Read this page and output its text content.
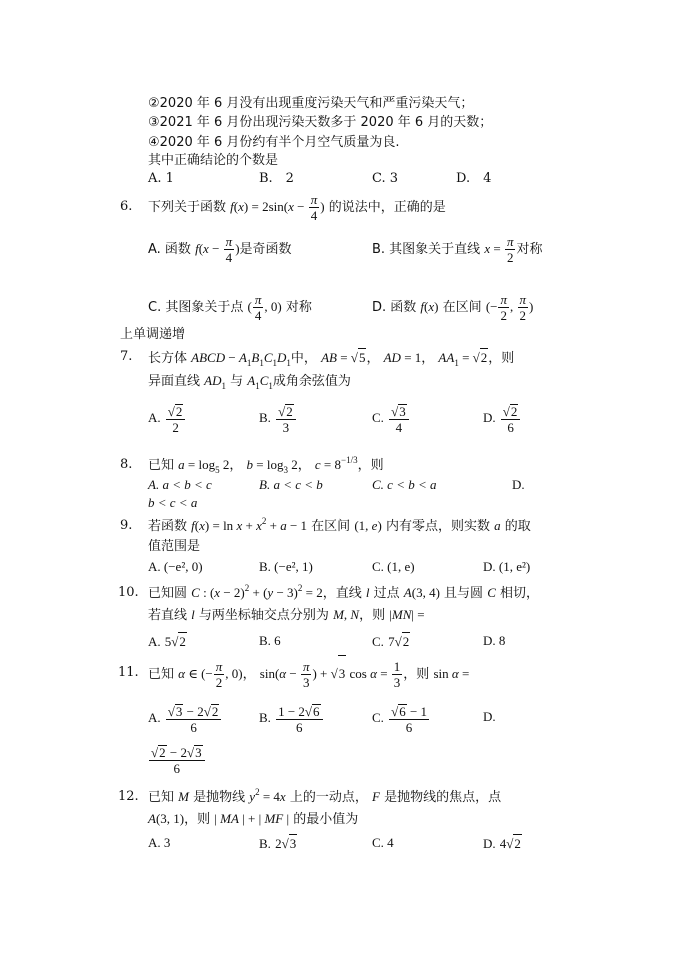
②2020 年 6 月没有出现重度污染天气和严重污染天气；
③2021 年 6 月份出现污染天数多于 2020 年 6 月的天数；
④2020 年 6 月份约有半个月空气质量为良.
其中正确结论的个数是
A. 1	B.　2	C. 3	D.　4
6. 下列关于函数 $f(x) = 2\sin(x - \frac{\pi}{4}$ ) 的说法中，正确的是
A. 函数 $f(x - \frac{\pi}{4}$ )是奇函数	B. 其图象关于直线 $x = \frac{\pi}{2}$ 对称
C. 其图象关于点 ( $\frac{\pi}{4}$ , 0) 对称	D. 函数 f(x) 在区间 (− $\frac{\pi}{2}$ , $\frac{\pi}{2}$ )
上单调递增
7. 长方体 ABCD − $A_1B_1C_1D_1$中， AB = √5， AD = 1， $AA_1 = √2$，则
异面直线 $AD_1$ 与 $A_1C_1$成角余弦值为
A. $\frac{√2}{2}$	B. $\frac{√2}{3}$	C. $\frac{√3}{4}$	D. $\frac{√2}{6}$
8. 已知 $a = \log_5 2$， $b = \log_3 2$， $c = 8^{-1/3}$，则
A. a < b < c	B. a < c < b	C. c < b < a	D.
b < c < a
9. 若函数 $f(x) = \ln x + x^2 + a - 1$ 在区间 (1, e) 内有零点，则实数 a 的取
值范围是
A. (−e², 0)	B. (−e², 1)	C. (1, e)	D. (1, e²)
10. 已知圆 C : $(x - 2)^2 + (y - 3)^2 = 2$，直线 l 过点 A(3, 4) 且与圆 C 相切，
若直线 l 与两坐标轴交点分别为 M, N，则 |MN| =
A. 5√2	B. 6	C. 7√2	D. 8
11. 已知 α ∈ (− $\frac{\pi}{2}$ , 0)， $\sin(\alpha - \frac{\pi}{3}$ ) + √3 $\cos \alpha = \frac{1}{3}$ ，则 sin α =
A. $\frac{√3 - 2√2}{6}$	B. $\frac{1 - 2√6}{6}$	C. $\frac{√6 - 1}{6}$	D.
$\frac{√2 - 2√3}{6}$
12. 已知 M 是抛物线 $y^2 = 4x$ 上的一动点， F 是抛物线的焦点，点
A(3, 1)，则 | MA | + | MF | 的最小值为
A. 3	B. 2√3	C. 4	D. 4√2
